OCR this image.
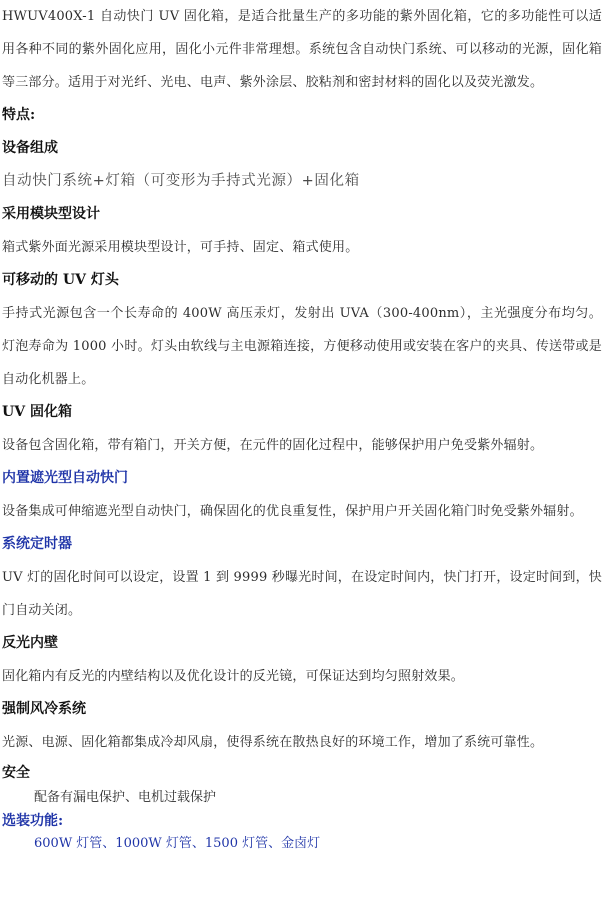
HWUV400X-1 自动快门 UV 固化箱，是适合批量生产的多功能的紫外固化箱，它的多功能性可以适用各种不同的紫外固化应用，固化小元件非常理想。系统包含自动快门系统、可以移动的光源，固化箱等三部分。适用于对光纤、光电、电声、紫外涂层、胶粘剂和密封材料的固化以及荧光激发。

特点:

设备组成

自动快门系统+灯箱（可变形为手持式光源）+固化箱

采用模块型设计

箱式紫外面光源采用模块型设计，可手持、固定、箱式使用。

可移动的 UV 灯头

手持式光源包含一个长寿命的 400W 高压汞灯，发射出 UVA（300-400nm），主光强度分布均匀。灯泡寿命为 1000 小时。灯头由软线与主电源箱连接，方便移动使用或安装在客户的夹具、传送带或是自动化机器上。

UV 固化箱

设备包含固化箱，带有箱门，开关方便，在元件的固化过程中，能够保护用户免受紫外辐射。

内置遮光型自动快门

设备集成可伸缩遮光型自动快门，确保固化的优良重复性，保护用户开关固化箱门时免受紫外辐射。

系统定时器

UV 灯的固化时间可以设定，设置 1 到 9999 秒曝光时间，在设定时间内，快门打开，设定时间到，快门自动关闭。

反光内壁

固化箱内有反光的内壁结构以及优化设计的反光镜，可保证达到均匀照射效果。

强制风冷系统

光源、电源、固化箱都集成冷却风扇，使得系统在散热良好的环境工作，增加了系统可靠性。

安全

配备有漏电保护、电机过载保护

选装功能:

600W 灯管、1000W 灯管、1500 灯管、金卤灯
